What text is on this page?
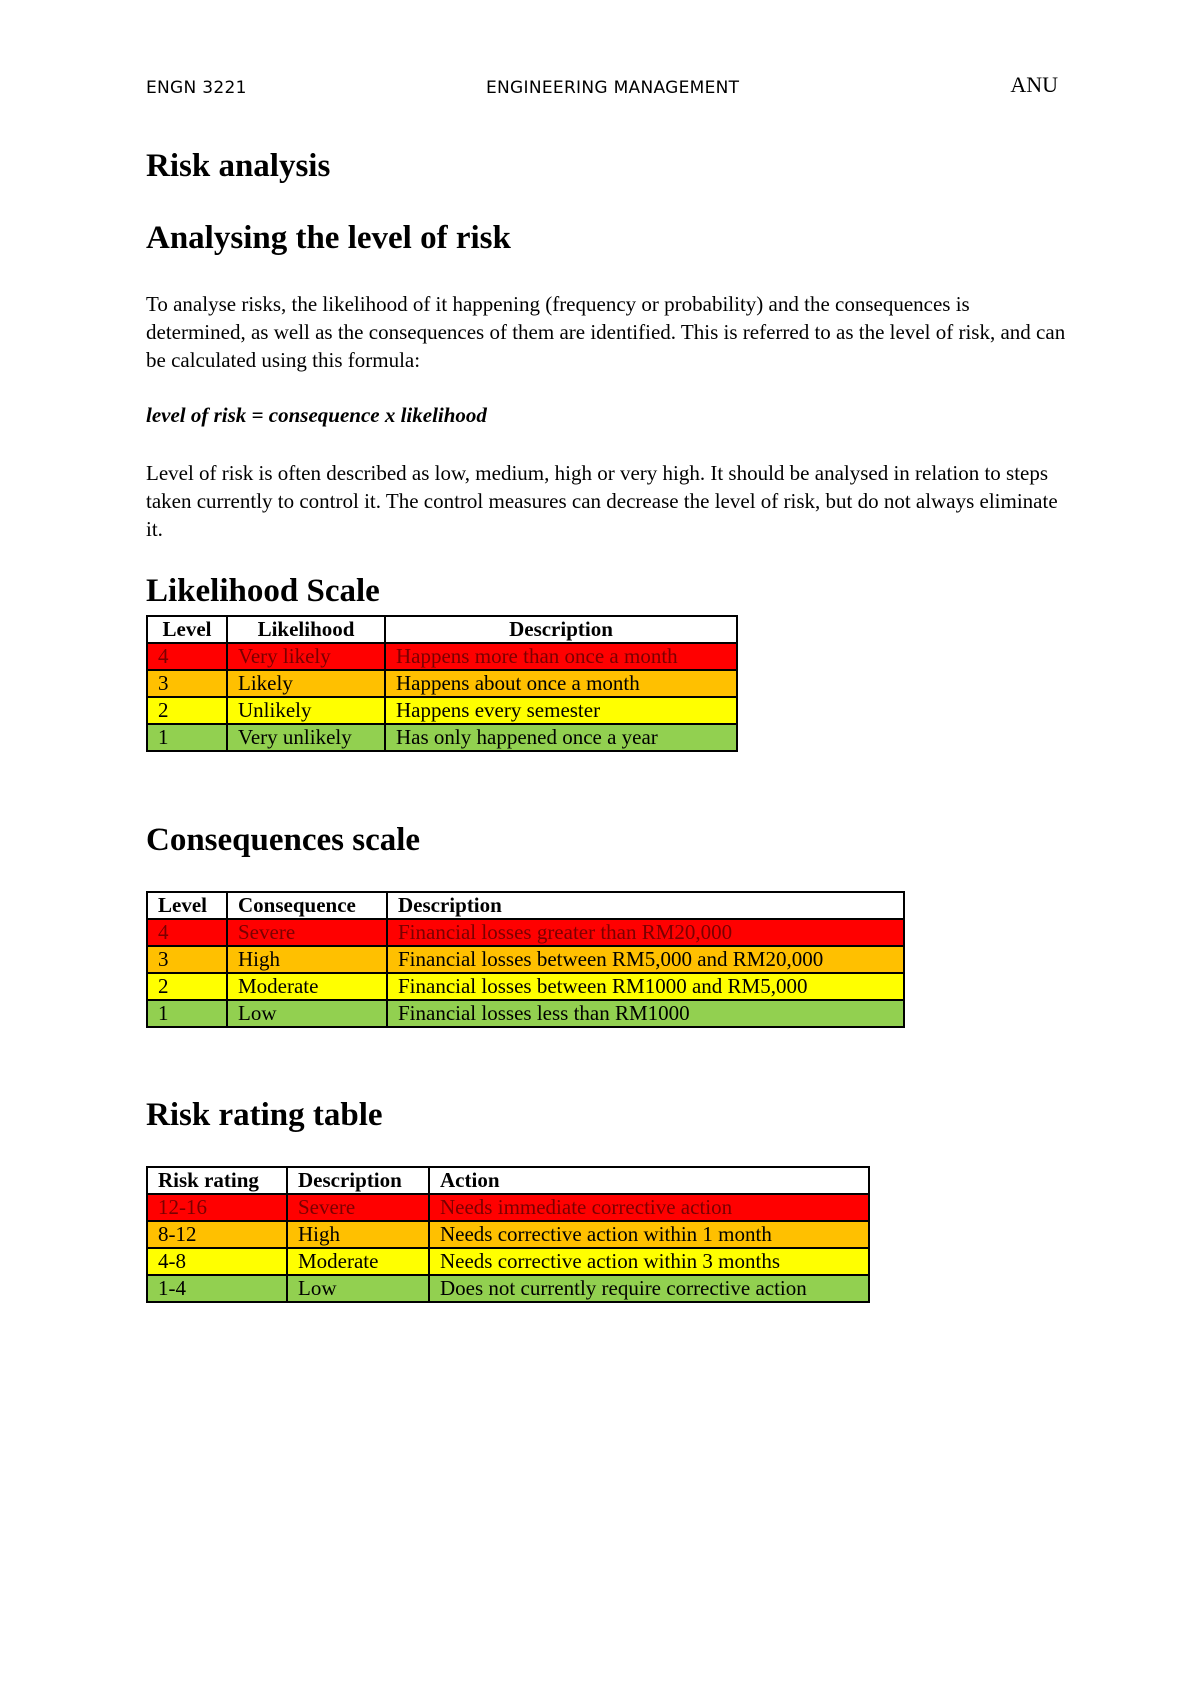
ENGN 3221	ENGINEERING MANAGEMENT	ANU
Risk analysis
Analysing the level of risk

To analyse risks, the likelihood of it happening (frequency or probability) and the consequences is determined, as well as the consequences of them are identified. This is referred to as the level of risk, and can be calculated using this formula:

level of risk = consequence x likelihood

Level of risk is often described as low, medium, high or very high. It should be analysed in relation to steps taken currently to control it. The control measures can decrease the level of risk, but do not always eliminate it.

Likelihood Scale
Level	Likelihood	Description
4	Very likely	Happens more than once a month
3	Likely	Happens about once a month
2	Unlikely	Happens every semester
1	Very unlikely	Has only happened once a year
Consequences scale
Level	Consequence	Description
4	Severe	Financial losses greater than RM20,000
3	High	Financial losses between RM5,000 and RM20,000
2	Moderate	Financial losses between RM1000 and RM5,000
1	Low	Financial losses less than RM1000
Risk rating table
Risk rating	Description	Action
12-16	Severe	Needs immediate corrective action
8-12	High	Needs corrective action within 1 month
4-8	Moderate	Needs corrective action within 3 months
1-4	Low	Does not currently require corrective action
